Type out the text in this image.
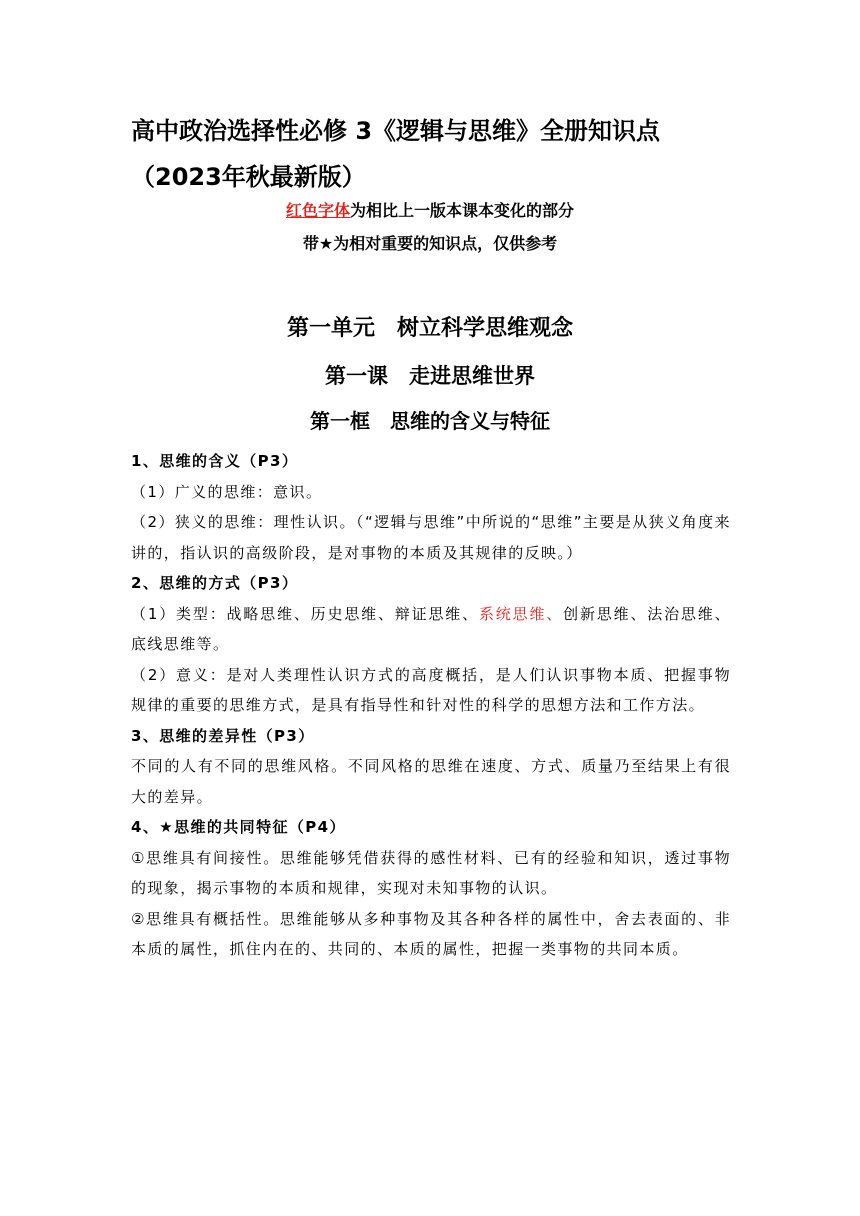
高中政治选择性必修 3《逻辑与思维》全册知识点（2023年秋最新版）
红色字体为相比上一版本课本变化的部分
带★为相对重要的知识点，仅供参考
第一单元　树立科学思维观念
第一课　走进思维世界
第一框　思维的含义与特征

1、思维的含义（P3）

（1）广义的思维：意识。

（2）狭义的思维：理性认识。（“逻辑与思维”中所说的“思维”主要是从狭义角度来讲的，指认识的高级阶段，是对事物的本质及其规律的反映。）

2、思维的方式（P3）

（1）类型：战略思维、历史思维、辩证思维、系统思维、创新思维、法治思维、底线思维等。

（2）意义：是对人类理性认识方式的高度概括，是人们认识事物本质、把握事物规律的重要的思维方式，是具有指导性和针对性的科学的思想方法和工作方法。

3、思维的差异性（P3）

不同的人有不同的思维风格。不同风格的思维在速度、方式、质量乃至结果上有很大的差异。

4、★思维的共同特征（P4）

①思维具有间接性。思维能够凭借获得的感性材料、已有的经验和知识，透过事物的现象，揭示事物的本质和规律，实现对未知事物的认识。

②思维具有概括性。思维能够从多种事物及其各种各样的属性中，舍去表面的、非本质的属性，抓住内在的、共同的、本质的属性，把握一类事物的共同本质。
